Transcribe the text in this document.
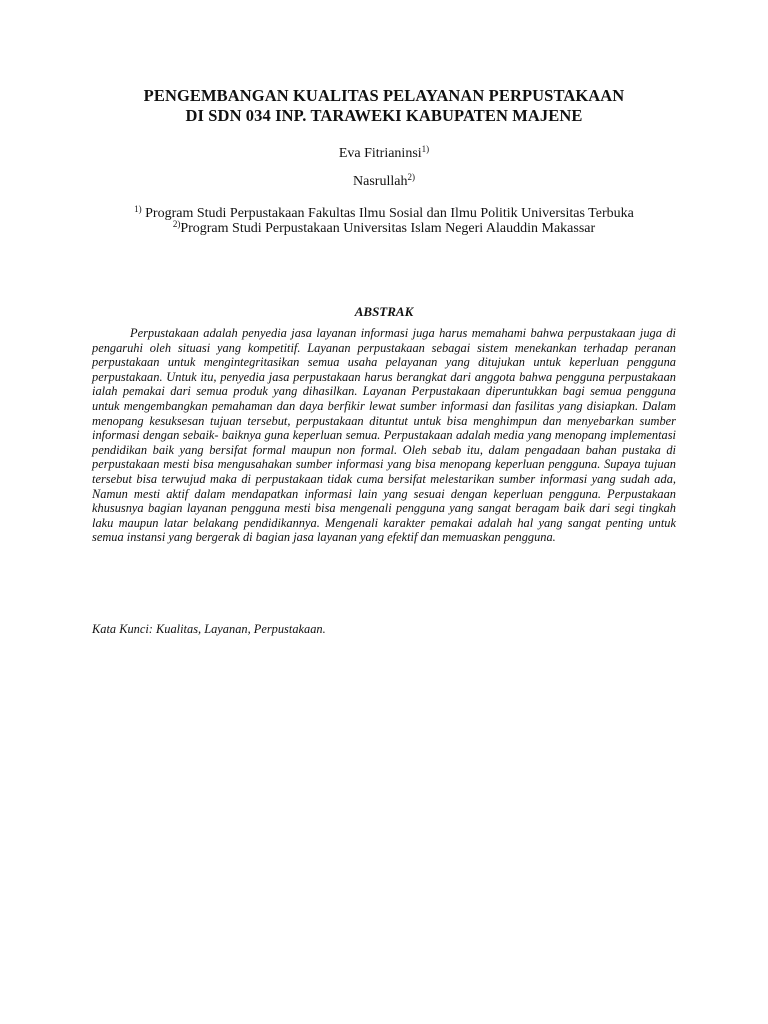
PENGEMBANGAN KUALITAS PELAYANAN PERPUSTAKAAN
DI SDN 034 INP. TARAWEKI KABUPATEN MAJENE
Eva Fitrianinsi$^{1)}$
Nasrullah$^{2)}$
$^{1)}$ Program Studi Perpustakaan Fakultas Ilmu Sosial dan Ilmu Politik Universitas Terbuka
$^{2)}$Program Studi Perpustakaan Universitas Islam Negeri Alauddin Makassar
ABSTRAK

Perpustakaan adalah penyedia jasa layanan informasi juga harus memahami bahwa perpustakaan juga di pengaruhi oleh situasi yang kompetitif. Layanan perpustakaan sebagai sistem menekankan terhadap peranan perpustakaan untuk mengintegritasikan semua usaha pelayanan yang ditujukan untuk keperluan pengguna perpustakaan. Untuk itu, penyedia jasa perpustakaan harus berangkat dari anggota bahwa pengguna perpustakaan ialah pemakai dari semua produk yang dihasilkan. Layanan Perpustakaan diperuntukkan bagi semua pengguna untuk mengembangkan pemahaman dan daya berfikir lewat sumber informasi dan fasilitas yang disiapkan. Dalam menopang kesuksesan tujuan tersebut, perpustakaan dituntut untuk bisa menghimpun dan menyebarkan sumber informasi dengan sebaik- baiknya guna keperluan semua. Perpustakaan adalah media yang menopang implementasi pendidikan baik yang bersifat formal maupun non formal. Oleh sebab itu, dalam pengadaan bahan pustaka di perpustakaan mesti bisa mengusahakan sumber informasi yang bisa menopang keperluan pengguna. Supaya tujuan tersebut bisa terwujud maka di perpustakaan tidak cuma bersifat melestarikan sumber informasi yang sudah ada, Namun mesti aktif dalam mendapatkan informasi lain yang sesuai dengan keperluan pengguna. Perpustakaan khususnya bagian layanan pengguna mesti bisa mengenali pengguna yang sangat beragam baik dari segi tingkah laku maupun latar belakang pendidikannya. Mengenali karakter pemakai adalah hal yang sangat penting untuk semua instansi yang bergerak di bagian jasa layanan yang efektif dan memuaskan pengguna.

Kata Kunci: Kualitas, Layanan, Perpustakaan.
